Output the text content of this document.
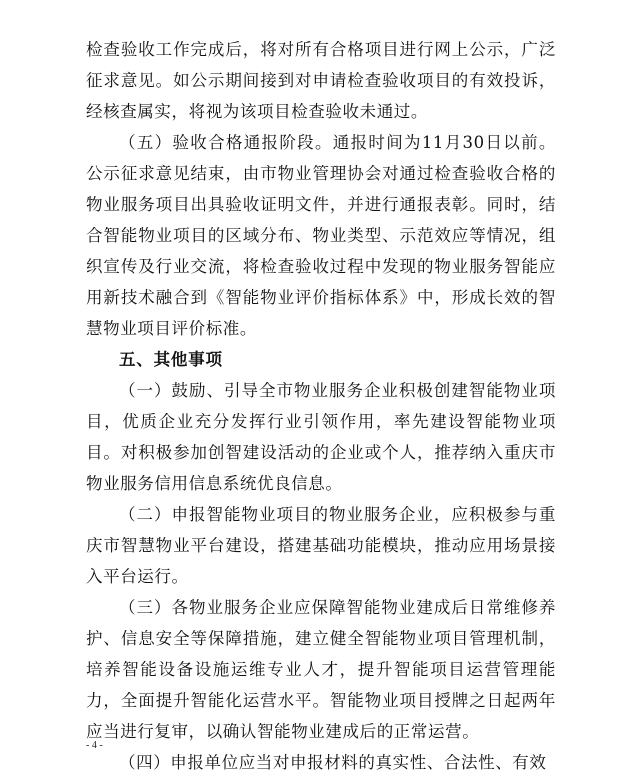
检查验收工作完成后，将对所有合格项目进行网上公示，广泛征求意见。如公示期间接到对申请检查验收项目的有效投诉，经核查属实，将视为该项目检查验收未通过。

（五）验收合格通报阶段。通报时间为11月30日以前。公示征求意见结束，由市物业管理协会对通过检查验收合格的物业服务项目出具验收证明文件，并进行通报表彰。同时，结合智能物业项目的区域分布、物业类型、示范效应等情况，组织宣传及行业交流，将检查验收过程中发现的物业服务智能应用新技术融合到《智能物业评价指标体系》中，形成长效的智慧物业项目评价标准。

五、其他事项

（一）鼓励、引导全市物业服务企业积极创建智能物业项目，优质企业充分发挥行业引领作用，率先建设智能物业项目。对积极参加创智建设活动的企业或个人，推荐纳入重庆市物业服务信用信息系统优良信息。

（二）申报智能物业项目的物业服务企业，应积极参与重庆市智慧物业平台建设，搭建基础功能模块，推动应用场景接入平台运行。

（三）各物业服务企业应保障智能物业建成后日常维修养护、信息安全等保障措施，建立健全智能物业项目管理机制，培养智能设备设施运维专业人才，提升智能项目运营管理能力，全面提升智能化运营水平。智能物业项目授牌之日起两年应当进行复审，以确认智能物业建成后的正常运营。

（四）申报单位应当对申报材料的真实性、合法性、有效

- 4 -
